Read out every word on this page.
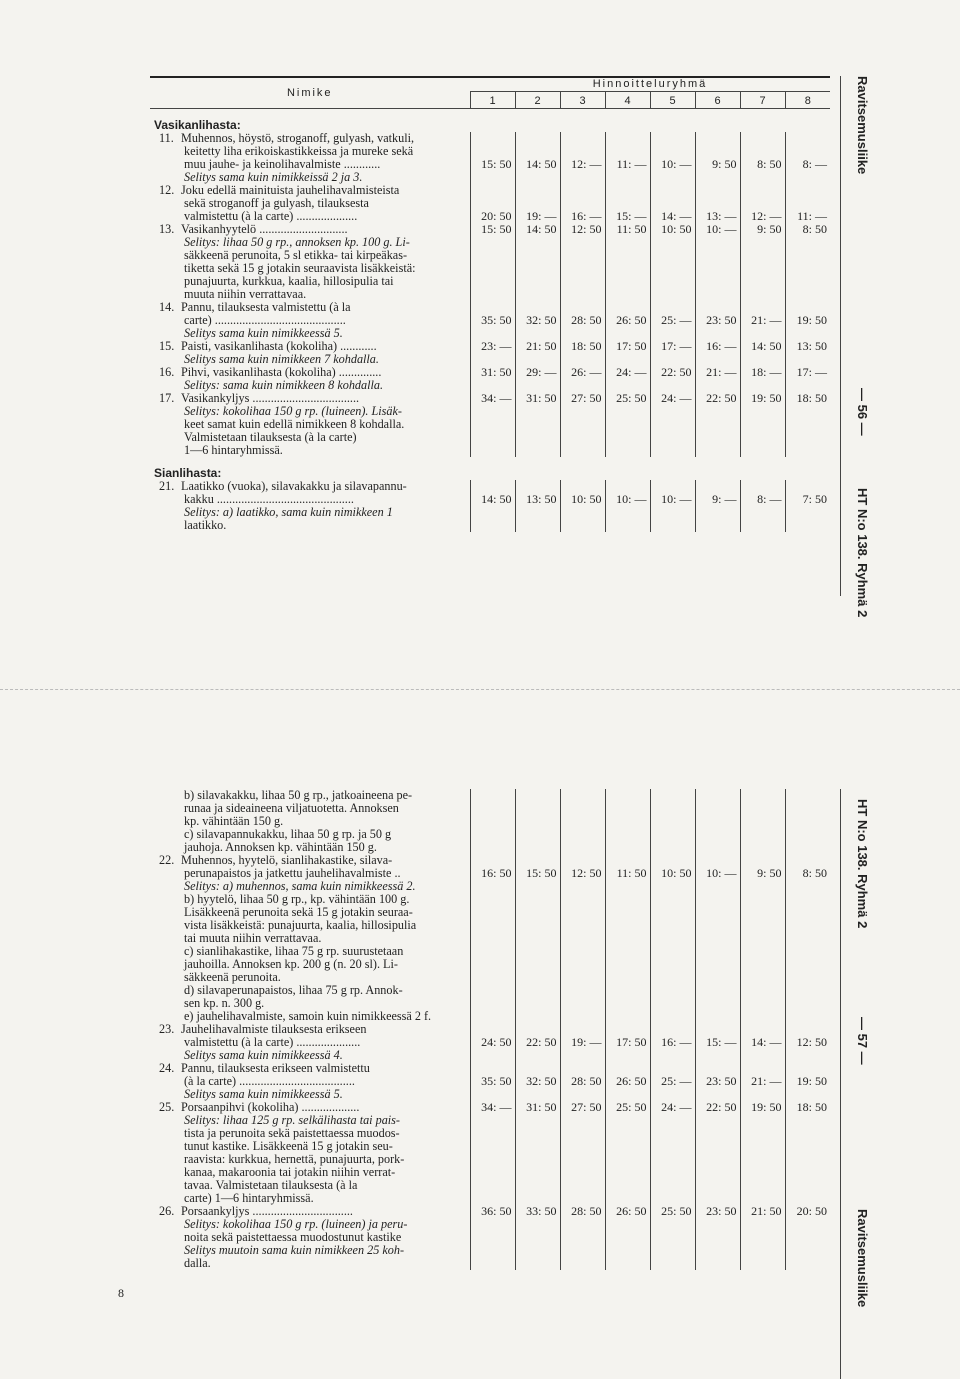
Nimike	Hinnoitteluryhmä							
	1	2	3	4	5	6	7	8
Vasikanlihasta:								
11. Muhennos, höystö, stroganoff, gulyash, vatkuli,								
keitetty liha erikoiskastikkeissa ja mureke sekä								
muu jauhe- ja keinolihavalmiste ............	15: 50	14: 50	12: —	11: —	10: —	9: 50	8: 50	8: —
Selitys sama kuin nimikkeissä 2 ja 3.								
12. Joku edellä mainituista jauhelihavalmisteista								
sekä stroganoff ja gulyash, tilauksesta								
valmistettu (à la carte) ....................	20: 50	19: —	16: —	15: —	14: —	13: —	12: —	11: —
13. Vasikanhyytelö .............................	15: 50	14: 50	12: 50	11: 50	10: 50	10: —	9: 50	8: 50
Selitys: lihaa 50 g rp., annoksen kp. 100 g. Li-								
säkkeenä perunoita, 5 sl etikka- tai kirpeäkas-								
tiketta sekä 15 g jotakin seuraavista lisäkkeistä:								
punajuurta, kurkkua, kaalia, hillosipulia tai								
muuta niihin verrattavaa.								
14. Pannu, tilauksesta valmistettu (à la								
carte) ...........................................	35: 50	32: 50	28: 50	26: 50	25: —	23: 50	21: —	19: 50
Selitys sama kuin nimikkeessä 5.								
15. Paisti, vasikanlihasta (kokoliha) ............	23: —	21: 50	18: 50	17: 50	17: —	16: —	14: 50	13: 50
Selitys sama kuin nimikkeen 7 kohdalla.								
16. Pihvi, vasikanlihasta (kokoliha) ..............	31: 50	29: —	26: —	24: —	22: 50	21: —	18: —	17: —
Selitys: sama kuin nimikkeen 8 kohdalla.								
17. Vasikankyljys ...................................	34: —	31: 50	27: 50	25: 50	24: —	22: 50	19: 50	18: 50
Selitys: kokolihaa 150 g rp. (luineen). Lisäk-								
keet samat kuin edellä nimikkeen 8 kohdalla.								
Valmistetaan tilauksesta (à la carte)								
1—6 hintaryhmissä.								
Sianlihasta:								
21. Laatikko (vuoka), silavakakku ja silavapannu-								
kakku .............................................	14: 50	13: 50	10: 50	10: —	10: —	9: —	8: —	7: 50
Selitys: a) laatikko, sama kuin nimikkeen 1								
laatikko.								
Ravitsemusliike
— 56 —
HT N:o 138. Ryhmä 2
b) silavakakku, lihaa 50 g rp., jatkoaineena pe-								
runaa ja sideaineena viljatuotetta. Annoksen								
kp. vähintään 150 g.								
c) silavapannukakku, lihaa 50 g rp. ja 50 g								
jauhoja. Annoksen kp. vähintään 150 g.								
22. Muhennos, hyytelö, sianlihakastike, silava-								
perunapaistos ja jatkettu jauhelihavalmiste ..	16: 50	15: 50	12: 50	11: 50	10: 50	10: —	9: 50	8: 50
Selitys: a) muhennos, sama kuin nimikkeessä 2.								
b) hyytelö, lihaa 50 g rp., kp. vähintään 100 g.								
Lisäkkeenä perunoita sekä 15 g jotakin seuraa-								
vista lisäkkeistä: punajuurta, kaalia, hillosipulia								
tai muuta niihin verrattavaa.								
c) sianlihakastike, lihaa 75 g rp. suurustetaan								
jauhoilla. Annoksen kp. 200 g (n. 20 sl). Li-								
säkkeenä perunoita.								
d) silavaperunapaistos, lihaa 75 g rp. Annok-								
sen kp. n. 300 g.								
e) jauhelihavalmiste, samoin kuin nimikkeessä 2 f.								
23. Jauhelihavalmiste tilauksesta erikseen								
valmistettu (à la carte) .....................	24: 50	22: 50	19: —	17: 50	16: —	15: —	14: —	12: 50
Selitys sama kuin nimikkeessä 4.								
24. Pannu, tilauksesta erikseen valmistettu								
(à la carte) ......................................	35: 50	32: 50	28: 50	26: 50	25: —	23: 50	21: —	19: 50
Selitys sama kuin nimikkeessä 5.								
25. Porsaanpihvi (kokoliha) ...................	34: —	31: 50	27: 50	25: 50	24: —	22: 50	19: 50	18: 50
Selitys: lihaa 125 g rp. selkälihasta tai pais-								
tista ja perunoita sekä paistettaessa muodos-								
tunut kastike. Lisäkkeenä 15 g jotakin seu-								
raavista: kurkkua, hernettä, punajuurta, pork-								
kanaa, makaroonia tai jotakin niihin verrat-								
tavaa. Valmistetaan tilauksesta (à la								
carte) 1—6 hintaryhmissä.								
26. Porsaankyljys .................................	36: 50	33: 50	28: 50	26: 50	25: 50	23: 50	21: 50	20: 50
Selitys: kokolihaa 150 g rp. (luineen) ja peru-								
noita sekä paistettaessa muodostunut kastike								
Selitys muutoin sama kuin nimikkeen 25 koh-								
dalla.								
HT N:o 138. Ryhmä 2
— 57 —
Ravitsemusliike
8
